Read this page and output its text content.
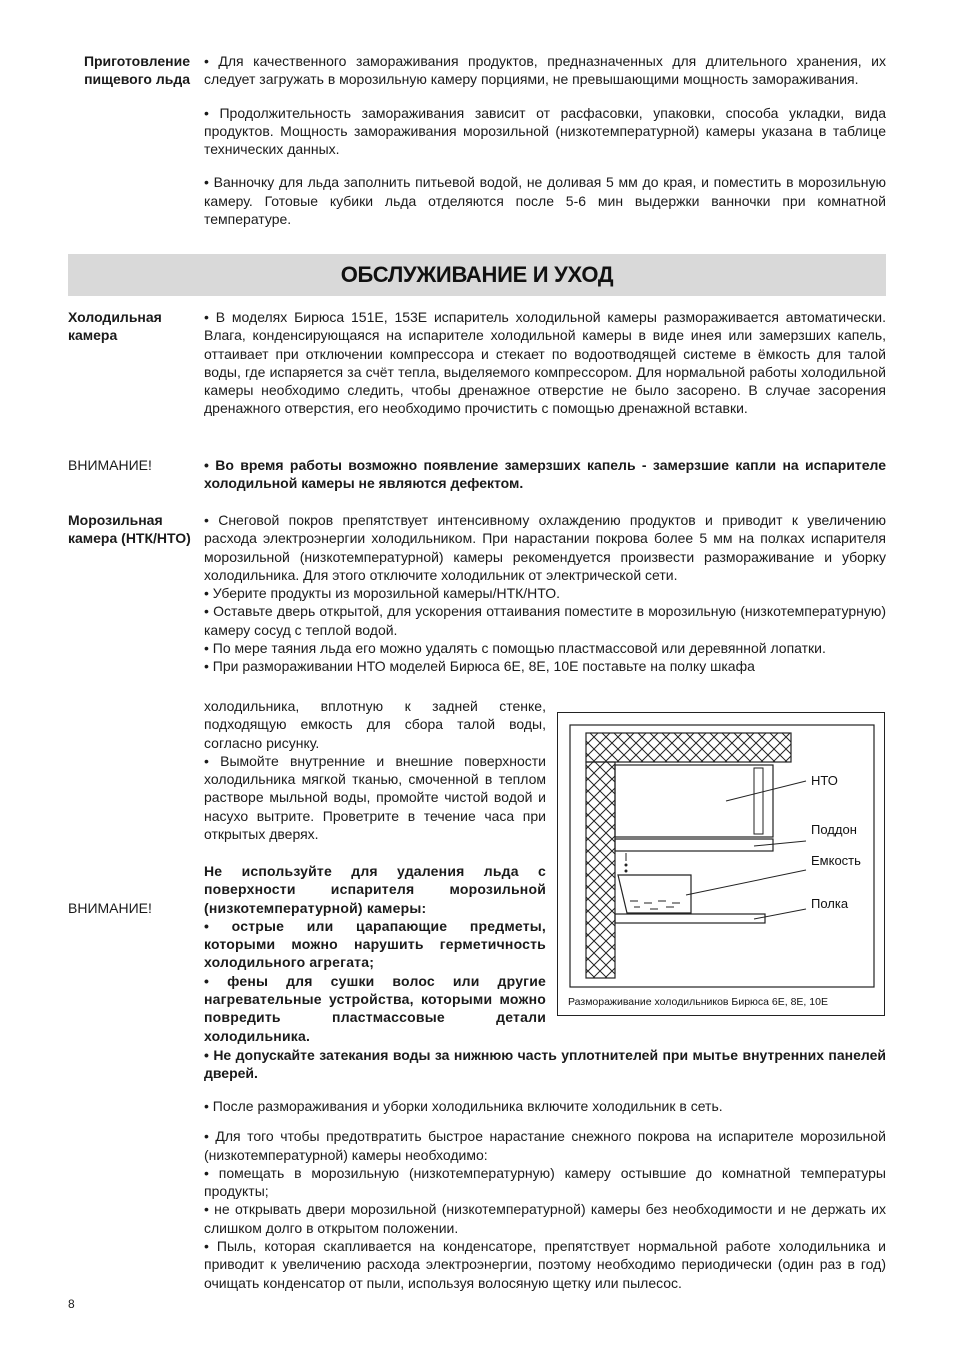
Приготовление пищевого льда

• Для качественного замораживания продуктов, предназначенных для длительного хранения, их следует загружать в морозильную камеру порциями, не превышающими мощность замораживания.

• Продолжительность замораживания зависит от расфасовки, упаковки, способа укладки, вида продуктов. Мощность замораживания морозильной (низкотемпературной) камеры указана в таблице технических данных.

• Ванночку для льда заполнить питьевой водой, не доливая 5 мм до края, и поместить в морозильную камеру. Готовые кубики льда отделяются после 5-6 мин выдержки ванночки при комнатной температуре.

ОБСЛУЖИВАНИЕ И УХОД
Холодильная камера

• В моделях Бирюса 151Е, 153Е испаритель холодильной камеры размораживается автоматически. Влага, конденсирующаяся на испарителе холодильной камеры в виде инея или замерзших капель, оттаивает при отключении компрессора и стекает по водоотводящей системе в ёмкость для талой воды, где испаряется за счёт тепла, выделяемого компрессором. Для нормальной работы холодильной камеры необходимо следить, чтобы дренажное отверстие не было засорено. В случае засорения дренажного отверстия, его необходимо прочистить с помощью дренажной вставки.

ВНИМАНИЕ!	• Во время работы возможно появление замерзших капель - замерзшие капли на испарителе холодильной камеры не являются дефектом.

Морозильная камера (НТК/НТО)

• Снеговой покров препятствует интенсивному охлаждению продуктов и приводит к увеличению расхода электроэнергии холодильником. При нарастании покрова более 5 мм на полках испарителя морозильной (низкотемпературной) камеры рекомендуется произвести размораживание и уборку холодильника. Для этого отключите холодильник от электрической сети.

• Уберите продукты из морозильной камеры/НТК/НТО.

• Оставьте дверь открытой, для ускорения оттаивания поместите в морозильную (низкотемпературную) камеру сосуд с теплой водой.

• По мере таяния льда его можно удалять с помощью пластмассовой или деревянной лопатки.

• При размораживании НТО моделей Бирюса 6Е, 8Е, 10Е поставьте на полку шкафа

холодильника, вплотную к задней стенке, подходящую емкость для сбора талой воды, согласно рисунку.

• Вымойте внутренние и внешние поверхности холодильника мягкой тканью, смоченной в теплом растворе мыльной воды, промойте чистой водой и насухо вытрите. Проветрите в течение часа при открытых дверях.

ВНИМАНИЕ!

Не используйте для удаления льда с поверхности испарителя морозильной (низкотемпературной) камеры:

• острые или царапающие предметы, которыми можно нарушить герметичность холодильного агрегата;

• фены для сушки волос или другие нагревательные устройства, которыми можно повредить пластмассовые детали холодильника.

• Не допускайте затекания воды за нижнюю часть уплотнителей при мытье внутренних панелей дверей.

НТО
Поддон
Емкость
Полка
Размораживание холодильников Бирюса 6Е, 8Е, 10Е

• После размораживания и уборки холодильника включите холодильник в сеть.

• Для того чтобы предотвратить быстрое нарастание снежного покрова на испарителе морозильной (низкотемпературной) камеры необходимо:

• помещать в морозильную (низкотемпературную) камеру остывшие до комнатной температуры продукты;

• не открывать двери морозильной (низкотемпературной) камеры без необходимости и не держать их слишком долго в открытом положении.

• Пыль, которая скапливается на конденсаторе, препятствует нормальной работе холодильника и приводит к увеличению расхода электроэнергии, поэтому необходимо периодически (один раз в год) очищать конденсатор от пыли, используя волосяную щетку или пылесос.

8
